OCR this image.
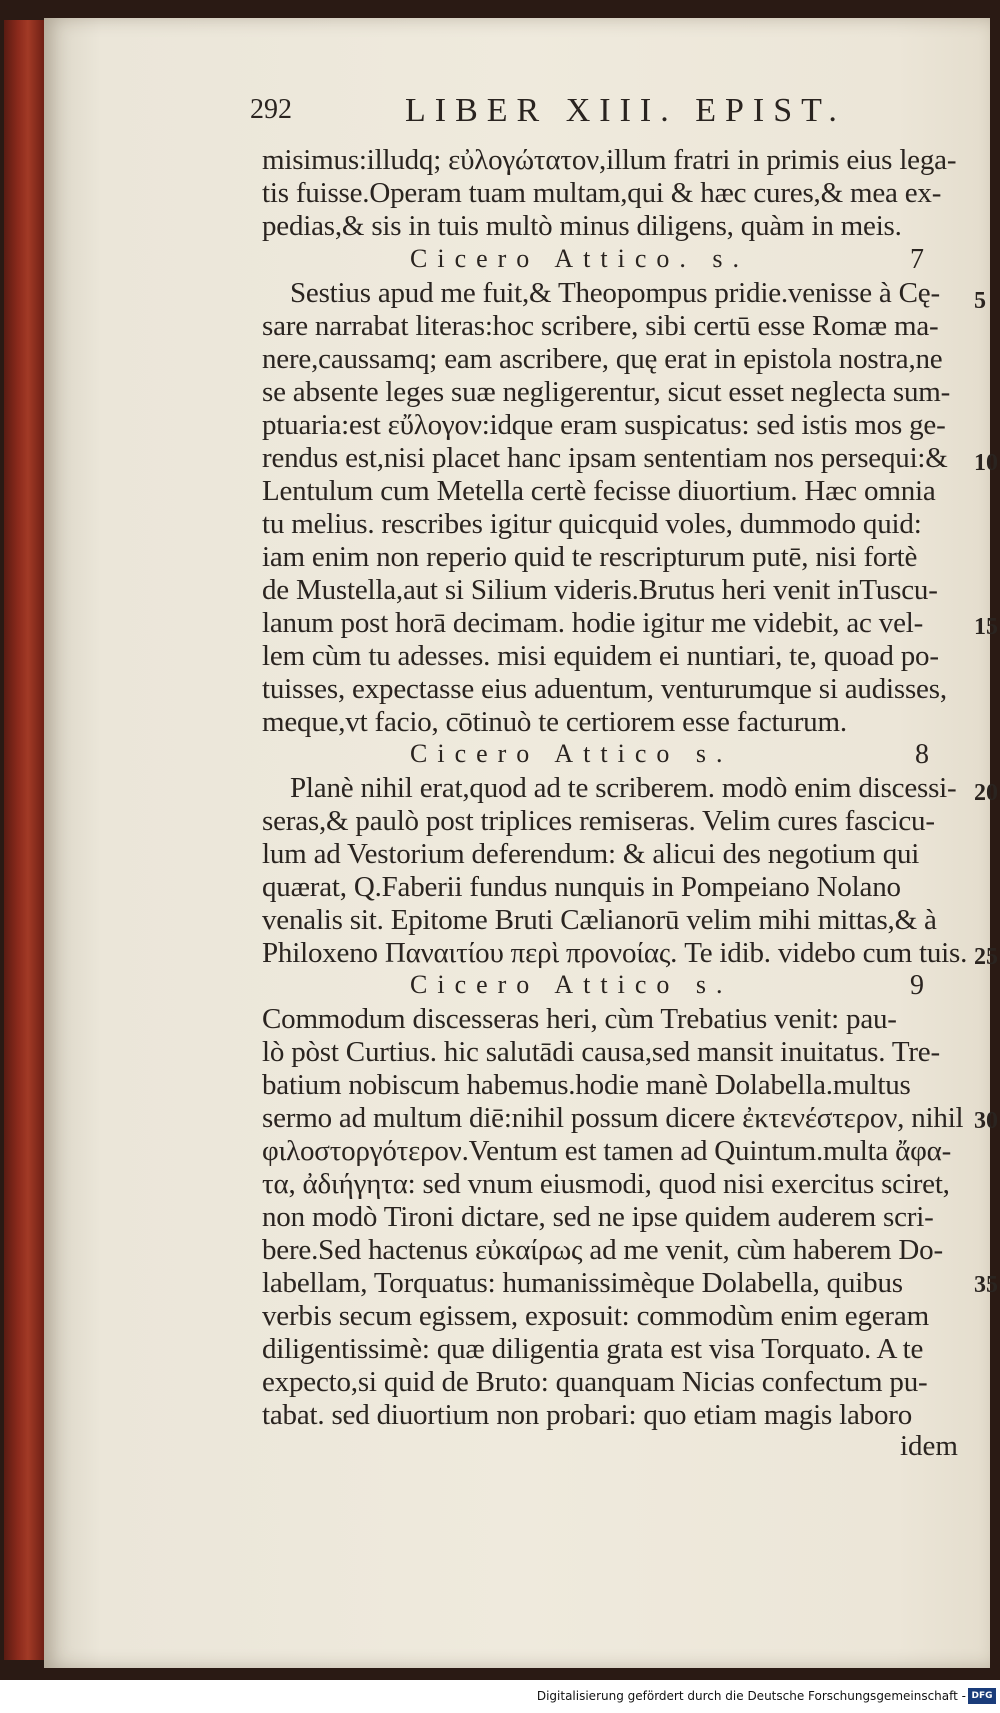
292	LIBER XIII. EPIST.
misimus:illudq; εὐλογώτατον,illum fratri in primis eius lega-
tis fuisse.Operam tuam multam,qui & hæc cures,& mea ex-
pedias,& sis in tuis multò minus diligens, quàm in meis.
Cicero Attico. s.	7
Sestius apud me fuit,& Theopompus pridie.venisse à Cę-
sare narrabat literas:hoc scribere, sibi certū esse Romæ ma-
nere,caussamq; eam ascribere, quę erat in epistola nostra,ne
se absente leges suæ negligerentur, sicut esset neglecta sum-
ptuaria:est εὔλογον:idque eram suspicatus: sed istis mos ge-
rendus est,nisi placet hanc ipsam sententiam nos persequi:&
Lentulum cum Metella certè fecisse diuortium. Hæc omnia
tu melius. rescribes igitur quicquid voles, dummodo quid:
iam enim non reperio quid te rescripturum putē, nisi fortè
de Mustella,aut si Silium videris.Brutus heri venit inTuscu-
lanum post horā decimam. hodie igitur me videbit, ac vel-
lem cùm tu adesses. misi equidem ei nuntiari, te, quoad po-
tuisses, expectasse eius aduentum, venturumque si audisses,
meque,vt facio, cōtinuò te certiorem esse facturum.
Cicero Attico s.	8
Planè nihil erat,quod ad te scriberem. modò enim discessi-
seras,& paulò post triplices remiseras. Velim cures fascicu-
lum ad Vestorium deferendum: & alicui des negotium qui
quærat, Q.Faberii fundus nunquis in Pompeiano Nolano
venalis sit. Epitome Bruti Cælianorū velim mihi mittas,& à
Philoxeno Παναιτίου περὶ προνοίας. Te idib. videbo cum tuis.
Cicero Attico s.	9
Commodum discesseras heri, cùm Trebatius venit: pau-
lò pòst Curtius. hic salutādi causa,sed mansit inuitatus. Tre-
batium nobiscum habemus.hodie manè Dolabella.multus
sermo ad multum diē:nihil possum dicere ἐκτενέστερον, nihil
φιλοστοργότερον.Ventum est tamen ad Quintum.multa ἄφα-
τα, ἀδιήγητα: sed vnum eiusmodi, quod nisi exercitus sciret,
non modò Tironi dictare, sed ne ipse quidem auderem scri-
bere.Sed hactenus εὐκαίρως ad me venit, cùm haberem Do-
labellam, Torquatus: humanissimèque Dolabella, quibus
verbis secum egissem, exposuit: commodùm enim egeram
diligentissimè: quæ diligentia grata est visa Torquato. A te
expecto,si quid de Bruto: quanquam Nicias confectum pu-
tabat. sed diuortium non probari: quo etiam magis laboro
idem
5
10
15
20
25
30
35
Digitalisierung gefördert durch die Deutsche Forschungsgemeinschaft - DFG
